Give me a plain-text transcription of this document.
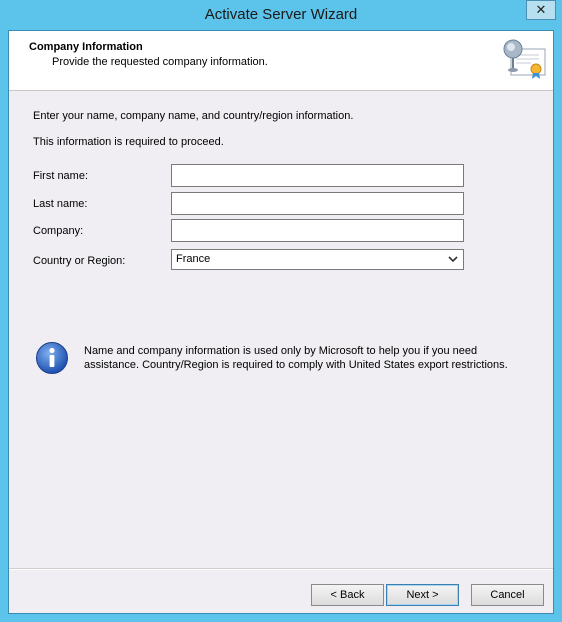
Activate Server Wizard	✕
Company Information
Provide the requested company information.
Enter your name, company name, and country/region information.
This information is required to proceed.
First name:
Last name:
Company:
Country or Region:	France
Name and company information is used only by Microsoft to help you if you need assistance. Country/Region is required to comply with United States export restrictions.
< Back	Next >	Cancel
